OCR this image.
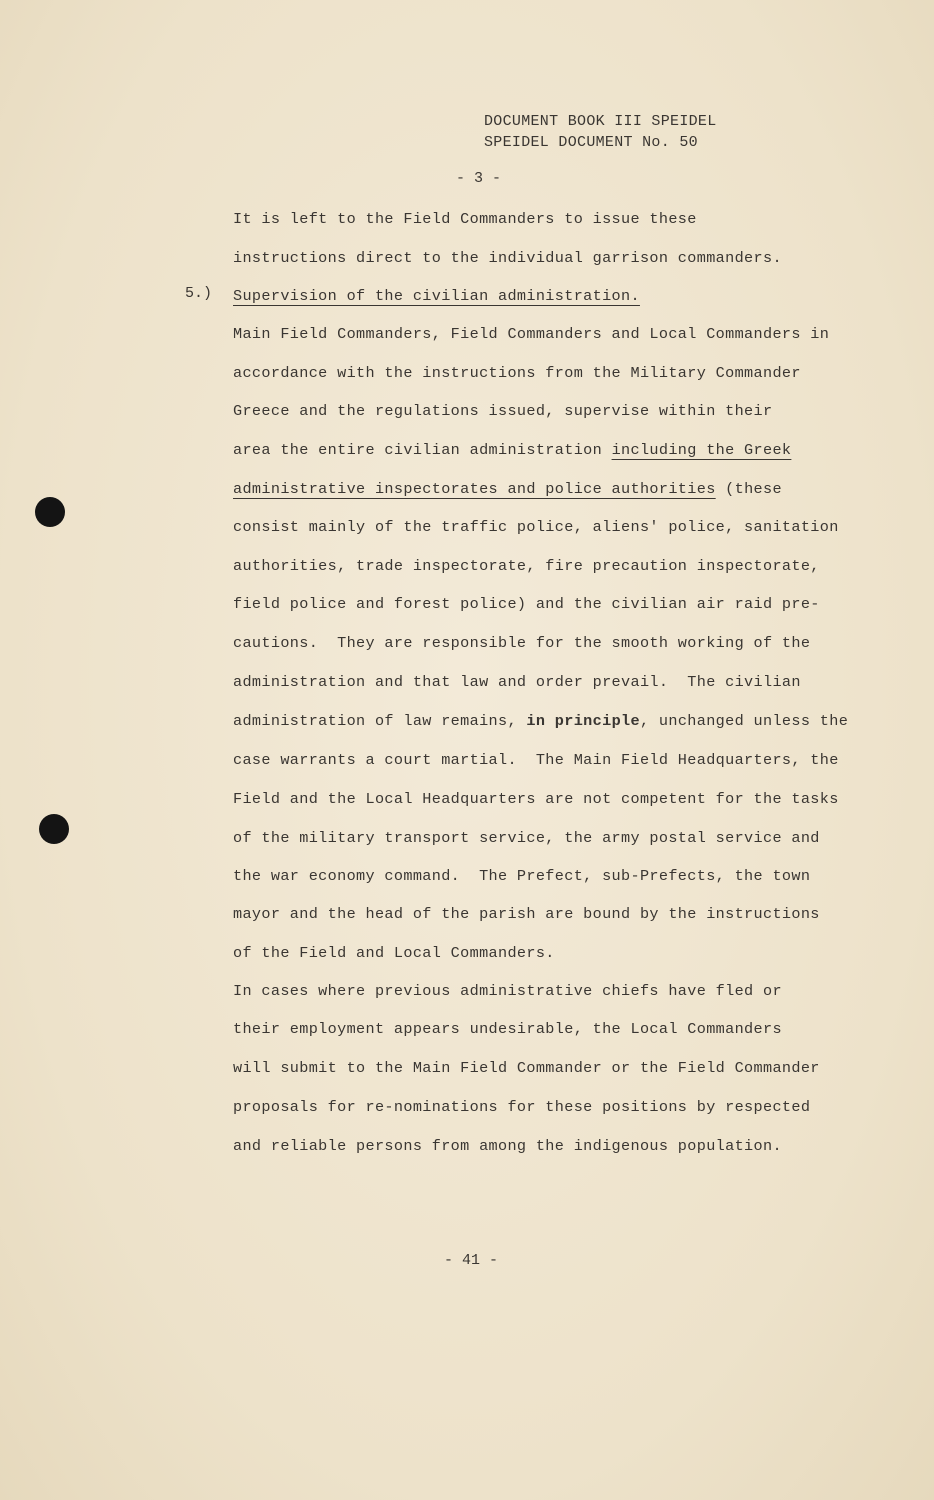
DOCUMENT BOOK III SPEIDEL
SPEIDEL DOCUMENT No. 50
- 3 -
It is left to the Field Commanders to issue these
instructions direct to the individual garrison commanders.
5.) Supervision of the civilian administration.
Main Field Commanders, Field Commanders and Local Commanders in
accordance with the instructions from the Military Commander
Greece and the regulations issued, supervise within their
area the entire civilian administration including the Greek
administrative inspectorates and police authorities (these
consist mainly of the traffic police, aliens' police, sanitation
authorities, trade inspectorate, fire precaution inspectorate,
field police and forest police) and the civilian air raid pre-
cautions.  They are responsible for the smooth working of the
administration and that law and order prevail.  The civilian
administration of law remains, in principle, unchanged unless the
case warrants a court martial.  The Main Field Headquarters, the
Field and the Local Headquarters are not competent for the tasks
of the military transport service, the army postal service and
the war economy command.  The Prefect, sub-Prefects, the town
mayor and the head of the parish are bound by the instructions
of the Field and Local Commanders.
In cases where previous administrative chiefs have fled or
their employment appears undesirable, the Local Commanders
will submit to the Main Field Commander or the Field Commander
proposals for re-nominations for these positions by respected
and reliable persons from among the indigenous population.
- 41 -
